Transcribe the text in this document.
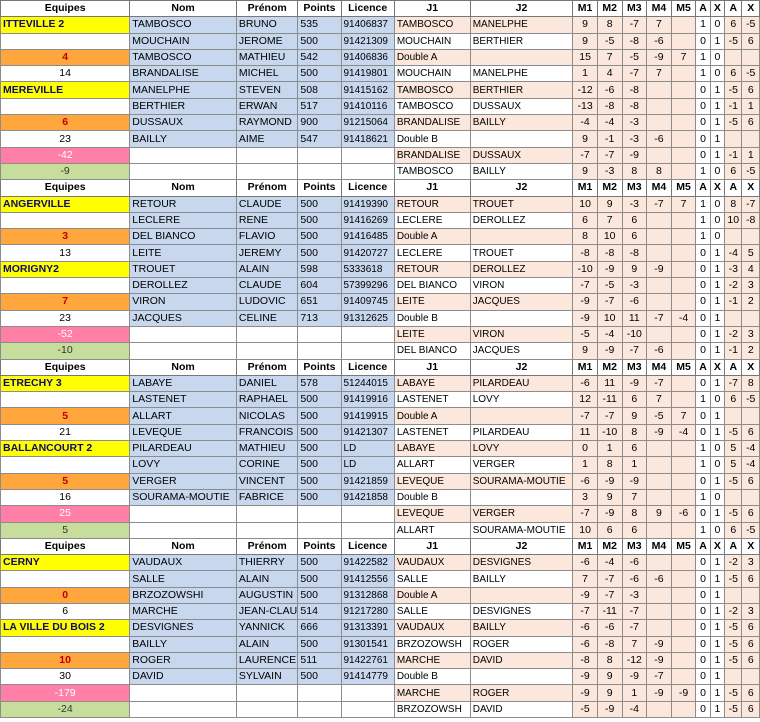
Equipes	Nom	Prénom	Points	Licence	J1	J2	M1	M2	M3	M4	M5	A	X	A	X
ITTEVILLE 2	TAMBOSCO	BRUNO	535	91406837	TAMBOSCO	MANELPHE	9	8	-7	7		1	0	6	-5
	MOUCHAIN	JEROME	500	91421309	MOUCHAIN	BERTHIER	9	-5	-8	-6		0	1	-5	6
4	TAMBOSCO	MATHIEU	542	91406836	Double A		15	7	-5	-9	7	1	0		
14	BRANDALISE	MICHEL	500	91419801	MOUCHAIN	MANELPHE	1	4	-7	7		1	0	6	-5
MEREVILLE	MANELPHE	STEVEN	508	91415162	TAMBOSCO	BERTHIER	-12	-6	-8			0	1	-5	6
	BERTHIER	ERWAN	517	91410116	TAMBOSCO	DUSSAUX	-13	-8	-8			0	1	-1	1
6	DUSSAUX	RAYMOND	900	91215064	BRANDALISE	BAILLY	-4	-4	-3			0	1	-5	6
23	BAILLY	AIME	547	91418621	Double B		9	-1	-3	-6		0	1		
-42					BRANDALISE	DUSSAUX	-7	-7	-9			0	1	-1	1
-9					TAMBOSCO	BAILLY	9	-3	8	8		1	0	6	-5
Equipes	Nom	Prénom	Points	Licence	J1	J2	M1	M2	M3	M4	M5	A	X	A	X
ANGERVILLE	RETOUR	CLAUDE	500	91419390	RETOUR	TROUET	10	9	-3	-7	7	1	0	8	-7
	LECLERE	RENE	500	91416269	LECLERE	DEROLLEZ	6	7	6			1	0	10	-8
3	DEL BIANCO	FLAVIO	500	91416485	Double A		8	10	6			1	0		
13	LEITE	JEREMY	500	91420727	LECLERE	TROUET	-8	-8	-8			0	1	-4	5
MORIGNY2	TROUET	ALAIN	598	5333618	RETOUR	DEROLLEZ	-10	-9	9	-9		0	1	-3	4
	DEROLLEZ	CLAUDE	604	57399296	DEL BIANCO	VIRON	-7	-5	-3			0	1	-2	3
7	VIRON	LUDOVIC	651	91409745	LEITE	JACQUES	-9	-7	-6			0	1	-1	2
23	JACQUES	CELINE	713	91312625	Double B		-9	10	11	-7	-4	0	1		
-52					LEITE	VIRON	-5	-4	-10			0	1	-2	3
-10					DEL BIANCO	JACQUES	9	-9	-7	-6		0	1	-1	2
Equipes	Nom	Prénom	Points	Licence	J1	J2	M1	M2	M3	M4	M5	A	X	A	X
ETRECHY 3	LABAYE	DANIEL	578	51244015	LABAYE	PILARDEAU	-6	11	-9	-7		0	1	-7	8
	LASTENET	RAPHAEL	500	91419916	LASTENET	LOVY	12	-11	6	7		1	0	6	-5
5	ALLART	NICOLAS	500	91419915	Double A		-7	-7	9	-5	7	0	1		
21	LEVEQUE	FRANCOIS	500	91421307	LASTENET	PILARDEAU	11	-10	8	-9	-4	0	1	-5	6
BALLANCOURT 2	PILARDEAU	MATHIEU	500	LD	LABAYE	LOVY	0	1	6			1	0	5	-4
	LOVY	CORINE	500	LD	ALLART	VERGER	1	8	1			1	0	5	-4
5	VERGER	VINCENT	500	91421859	LEVEQUE	SOURAMA-MOUTIE	-6	-9	-9			0	1	-5	6
16	SOURAMA-MOUTIE	FABRICE	500	91421858	Double B		3	9	7			1	0		
25					LEVEQUE	VERGER	-7	-9	8	9	-6	0	1	-5	6
5					ALLART	SOURAMA-MOUTIE	10	6	6			1	0	6	-5
Equipes	Nom	Prénom	Points	Licence	J1	J2	M1	M2	M3	M4	M5	A	X	A	X
CERNY	VAUDAUX	THIERRY	500	91422582	VAUDAUX	DESVIGNES	-6	-4	-6			0	1	-2	3
	SALLE	ALAIN	500	91412556	SALLE	BAILLY	7	-7	-6	-6		0	1	-5	6
0	BRZOZOWSHI	AUGUSTIN	500	91312868	Double A		-9	-7	-3			0	1		
6	MARCHE	JEAN-CLAU	514	91217280	SALLE	DESVIGNES	-7	-11	-7			0	1	-2	3
LA VILLE DU BOIS 2	DESVIGNES	YANNICK	666	91313391	VAUDAUX	BAILLY	-6	-6	-7			0	1	-5	6
	BAILLY	ALAIN	500	91301541	BRZOZOWSH	ROGER	-6	-8	7	-9		0	1	-5	6
10	ROGER	LAURENCE	511	91422761	MARCHE	DAVID	-8	8	-12	-9		0	1	-5	6
30	DAVID	SYLVAIN	500	91414779	Double B		-9	9	-9	-7		0	1		
-179					MARCHE	ROGER	-9	9	1	-9	-9	0	1	-5	6
-24					BRZOZOWSH	DAVID	-5	-9	-4			0	1	-5	6
